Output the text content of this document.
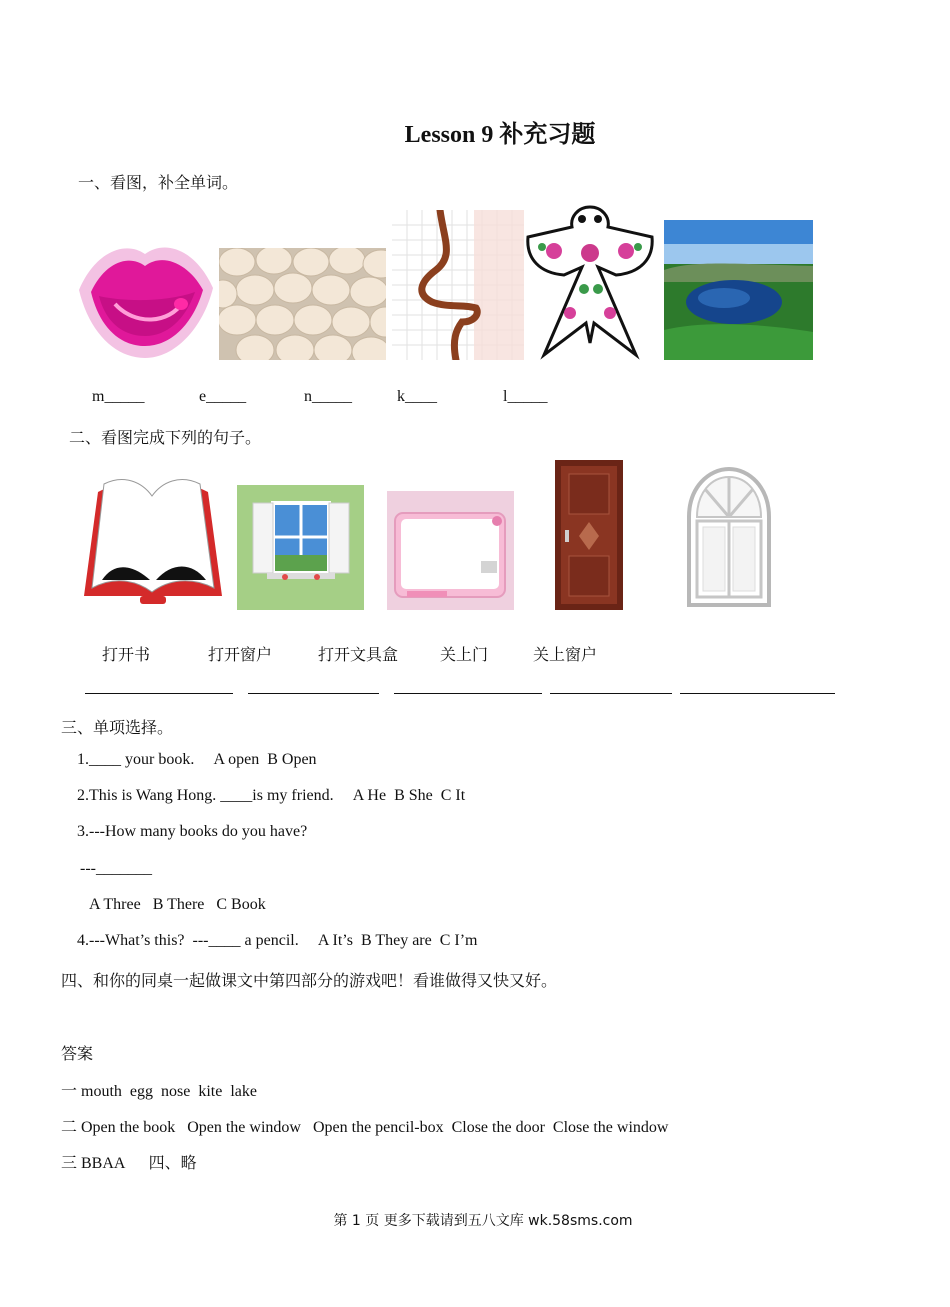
Lesson 9 补充习题
一、看图，补全单词。
m_____	e_____	n_____	k____	l_____
二、看图完成下列的句子。
打开书	打开窗户	打开文具盒	关上门	关上窗户
三、单项选择。
1.____ your book.     A open  B Open
2.This is Wang Hong. ____is my friend.     A He  B She  C It
3.---How many books do you have?
---_______
A Three   B There   C Book
4.---What’s this?  ---____ a pencil.     A It’s  B They are  C I’m
四、和你的同桌一起做课文中第四部分的游戏吧！看谁做得又快又好。
答案
一 mouth  egg  nose  kite  lake
二 Open the book   Open the window   Open the pencil-box  Close the door  Close the window
三 BBAA      四、略
第 1 页 更多下载请到五八文库 wk.58sms.com
